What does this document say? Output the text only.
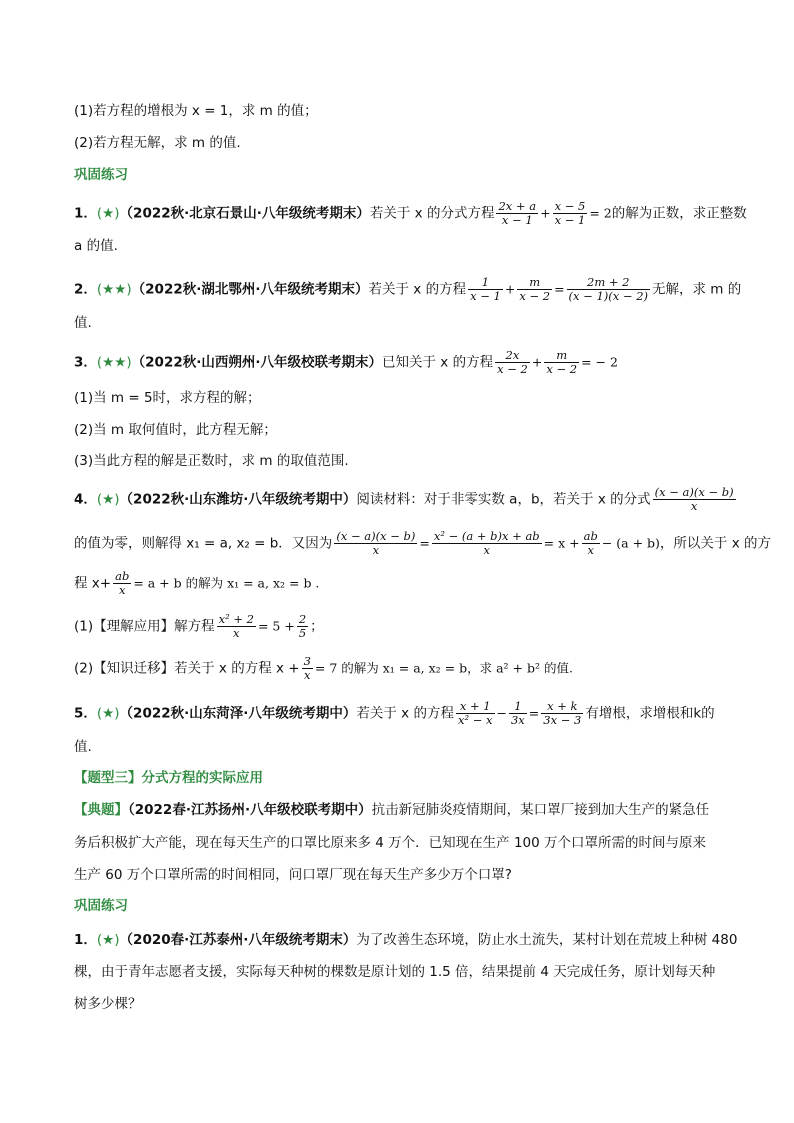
(1)若方程的增根为 x = 1，求 m 的值；
(2)若方程无解，求 m 的值.
巩固练习
1．(★)（2022秋·北京石景山·八年级统考期末）若关于 x 的分式方程 $\frac{2x + a}{x - 1} + \frac{x - 5}{x - 1} = 2$的解为正数，求正整数
a 的值.
2．(★★)（2022秋·湖北鄂州·八年级统考期末）若关于 x 的方程 $\frac{1}{x - 1} + \frac{m}{x - 2} = \frac{2m + 2}{(x - 1)(x - 2)}$ 无解，求 m 的
值.
3．(★★)（2022秋·山西朔州·八年级校联考期末）已知关于 x 的方程 $\frac{2x}{x - 2} + \frac{m}{x - 2}$ = − 2
(1)当 m = 5时，求方程的解；
(2)当 m 取何值时，此方程无解；
(3)当此方程的解是正数时，求 m 的取值范围.
4．(★)（2022秋·山东潍坊·八年级统考期中）阅读材料：对于非零实数 a，b，若关于 x 的分式 $\frac{(x - a)(x - b)}{x}$
的值为零，则解得 x₁ = a, x₂ = b．又因为 $\frac{(x - a)(x - b)}{x} = \frac{\text{x² − (a + b)x + ab}}{x} = x + \frac{ab}{x} - (a + b)$，所以关于 x 的方
程 $x+ \frac{ab}{x} = a + b$ 的解为 x₁ = a, x₂ = b .
(1)【理解应用】解方程 $\frac{\text{x² + 2}}{x} = 5 + \frac{2}{5}$ ；
(2)【知识迁移】若关于 x 的方程 $x + \frac{3}{x} = 7$ 的解为 x₁ = a, x₂ = b，求 a² + b² 的值.
5．(★)（2022秋·山东菏泽·八年级统考期中）若关于 x 的方程 $\frac{x + 1}{\text{x² − x}} - \frac{1}{3x} = \frac{x + k}{3x - 3}$ 有增根，求增根和k的
值.
【题型三】分式方程的实际应用
【典题】（2022春·江苏扬州·八年级校联考期中）抗击新冠肺炎疫情期间，某口罩厂接到加大生产的紧急任
务后积极扩大产能，现在每天生产的口罩比原来多 4 万个．已知现在生产 100 万个口罩所需的时间与原来
生产 60 万个口罩所需的时间相同，问口罩厂现在每天生产多少万个口罩?
巩固练习
1．(★)（2020春·江苏泰州·八年级统考期末）为了改善生态环境，防止水土流失，某村计划在荒坡上种树 480
棵，由于青年志愿者支援，实际每天种树的棵数是原计划的 1.5 倍，结果提前 4 天完成任务，原计划每天种
树多少棵？
